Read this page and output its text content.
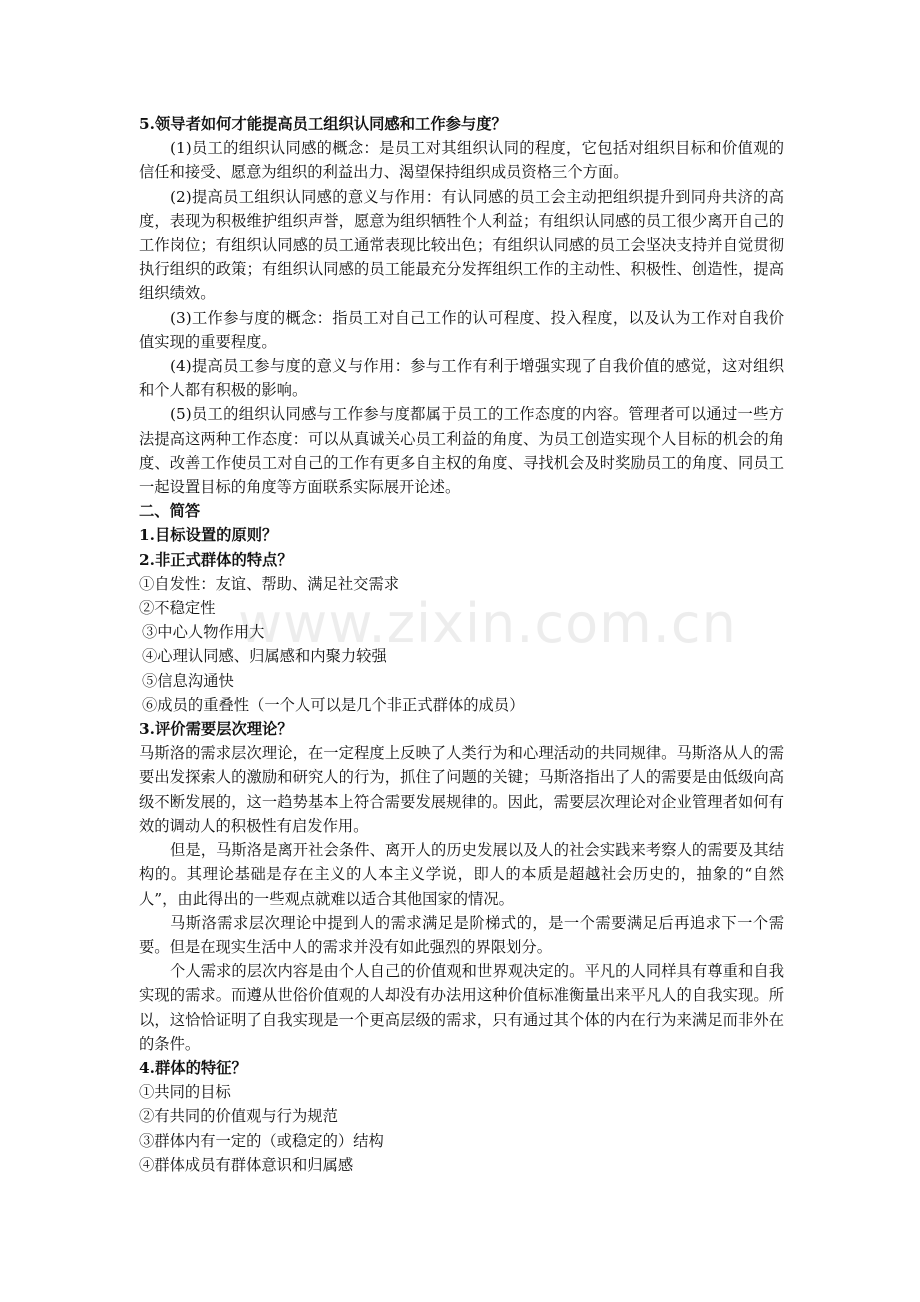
www.zixin.com.cn

5.领导者如何才能提高员工组织认同感和工作参与度？

(1)员工的组织认同感的概念：是员工对其组织认同的程度，它包括对组织目标和价值观的信任和接受、愿意为组织的利益出力、渴望保持组织成员资格三个方面。

(2)提高员工组织认同感的意义与作用：有认同感的员工会主动把组织提升到同舟共济的高度，表现为积极维护组织声誉，愿意为组织牺牲个人利益；有组织认同感的员工很少离开自己的工作岗位；有组织认同感的员工通常表现比较出色；有组织认同感的员工会坚决支持并自觉贯彻执行组织的政策；有组织认同感的员工能最充分发挥组织工作的主动性、积极性、创造性，提高组织绩效。

(3)工作参与度的概念：指员工对自己工作的认可程度、投入程度，以及认为工作对自我价值实现的重要程度。

(4)提高员工参与度的意义与作用：参与工作有利于增强实现了自我价值的感觉，这对组织和个人都有积极的影响。

(5)员工的组织认同感与工作参与度都属于员工的工作态度的内容。管理者可以通过一些方法提高这两种工作态度：可以从真诚关心员工利益的角度、为员工创造实现个人目标的机会的角度、改善工作使员工对自己的工作有更多自主权的角度、寻找机会及时奖励员工的角度、同员工一起设置目标的角度等方面联系实际展开论述。

二、简答

1.目标设置的原则？

2.非正式群体的特点？

①自发性：友谊、帮助、满足社交需求

②不稳定性

③中心人物作用大

④心理认同感、归属感和内聚力较强

⑤信息沟通快

⑥成员的重叠性（一个人可以是几个非正式群体的成员）

3.评价需要层次理论？

马斯洛的需求层次理论，在一定程度上反映了人类行为和心理活动的共同规律。马斯洛从人的需要出发探索人的激励和研究人的行为，抓住了问题的关键；马斯洛指出了人的需要是由低级向高级不断发展的，这一趋势基本上符合需要发展规律的。因此，需要层次理论对企业管理者如何有效的调动人的积极性有启发作用。

但是，马斯洛是离开社会条件、离开人的历史发展以及人的社会实践来考察人的需要及其结构的。其理论基础是存在主义的人本主义学说，即人的本质是超越社会历史的，抽象的“自然人”，由此得出的一些观点就难以适合其他国家的情况。

马斯洛需求层次理论中提到人的需求满足是阶梯式的，是一个需要满足后再追求下一个需要。但是在现实生活中人的需求并没有如此强烈的界限划分。

个人需求的层次内容是由个人自己的价值观和世界观决定的。平凡的人同样具有尊重和自我实现的需求。而遵从世俗价值观的人却没有办法用这种价值标准衡量出来平凡人的自我实现。所以，这恰恰证明了自我实现是一个更高层级的需求，只有通过其个体的内在行为来满足而非外在的条件。

4.群体的特征？

①共同的目标

②有共同的价值观与行为规范

③群体内有一定的（或稳定的）结构

④群体成员有群体意识和归属感
